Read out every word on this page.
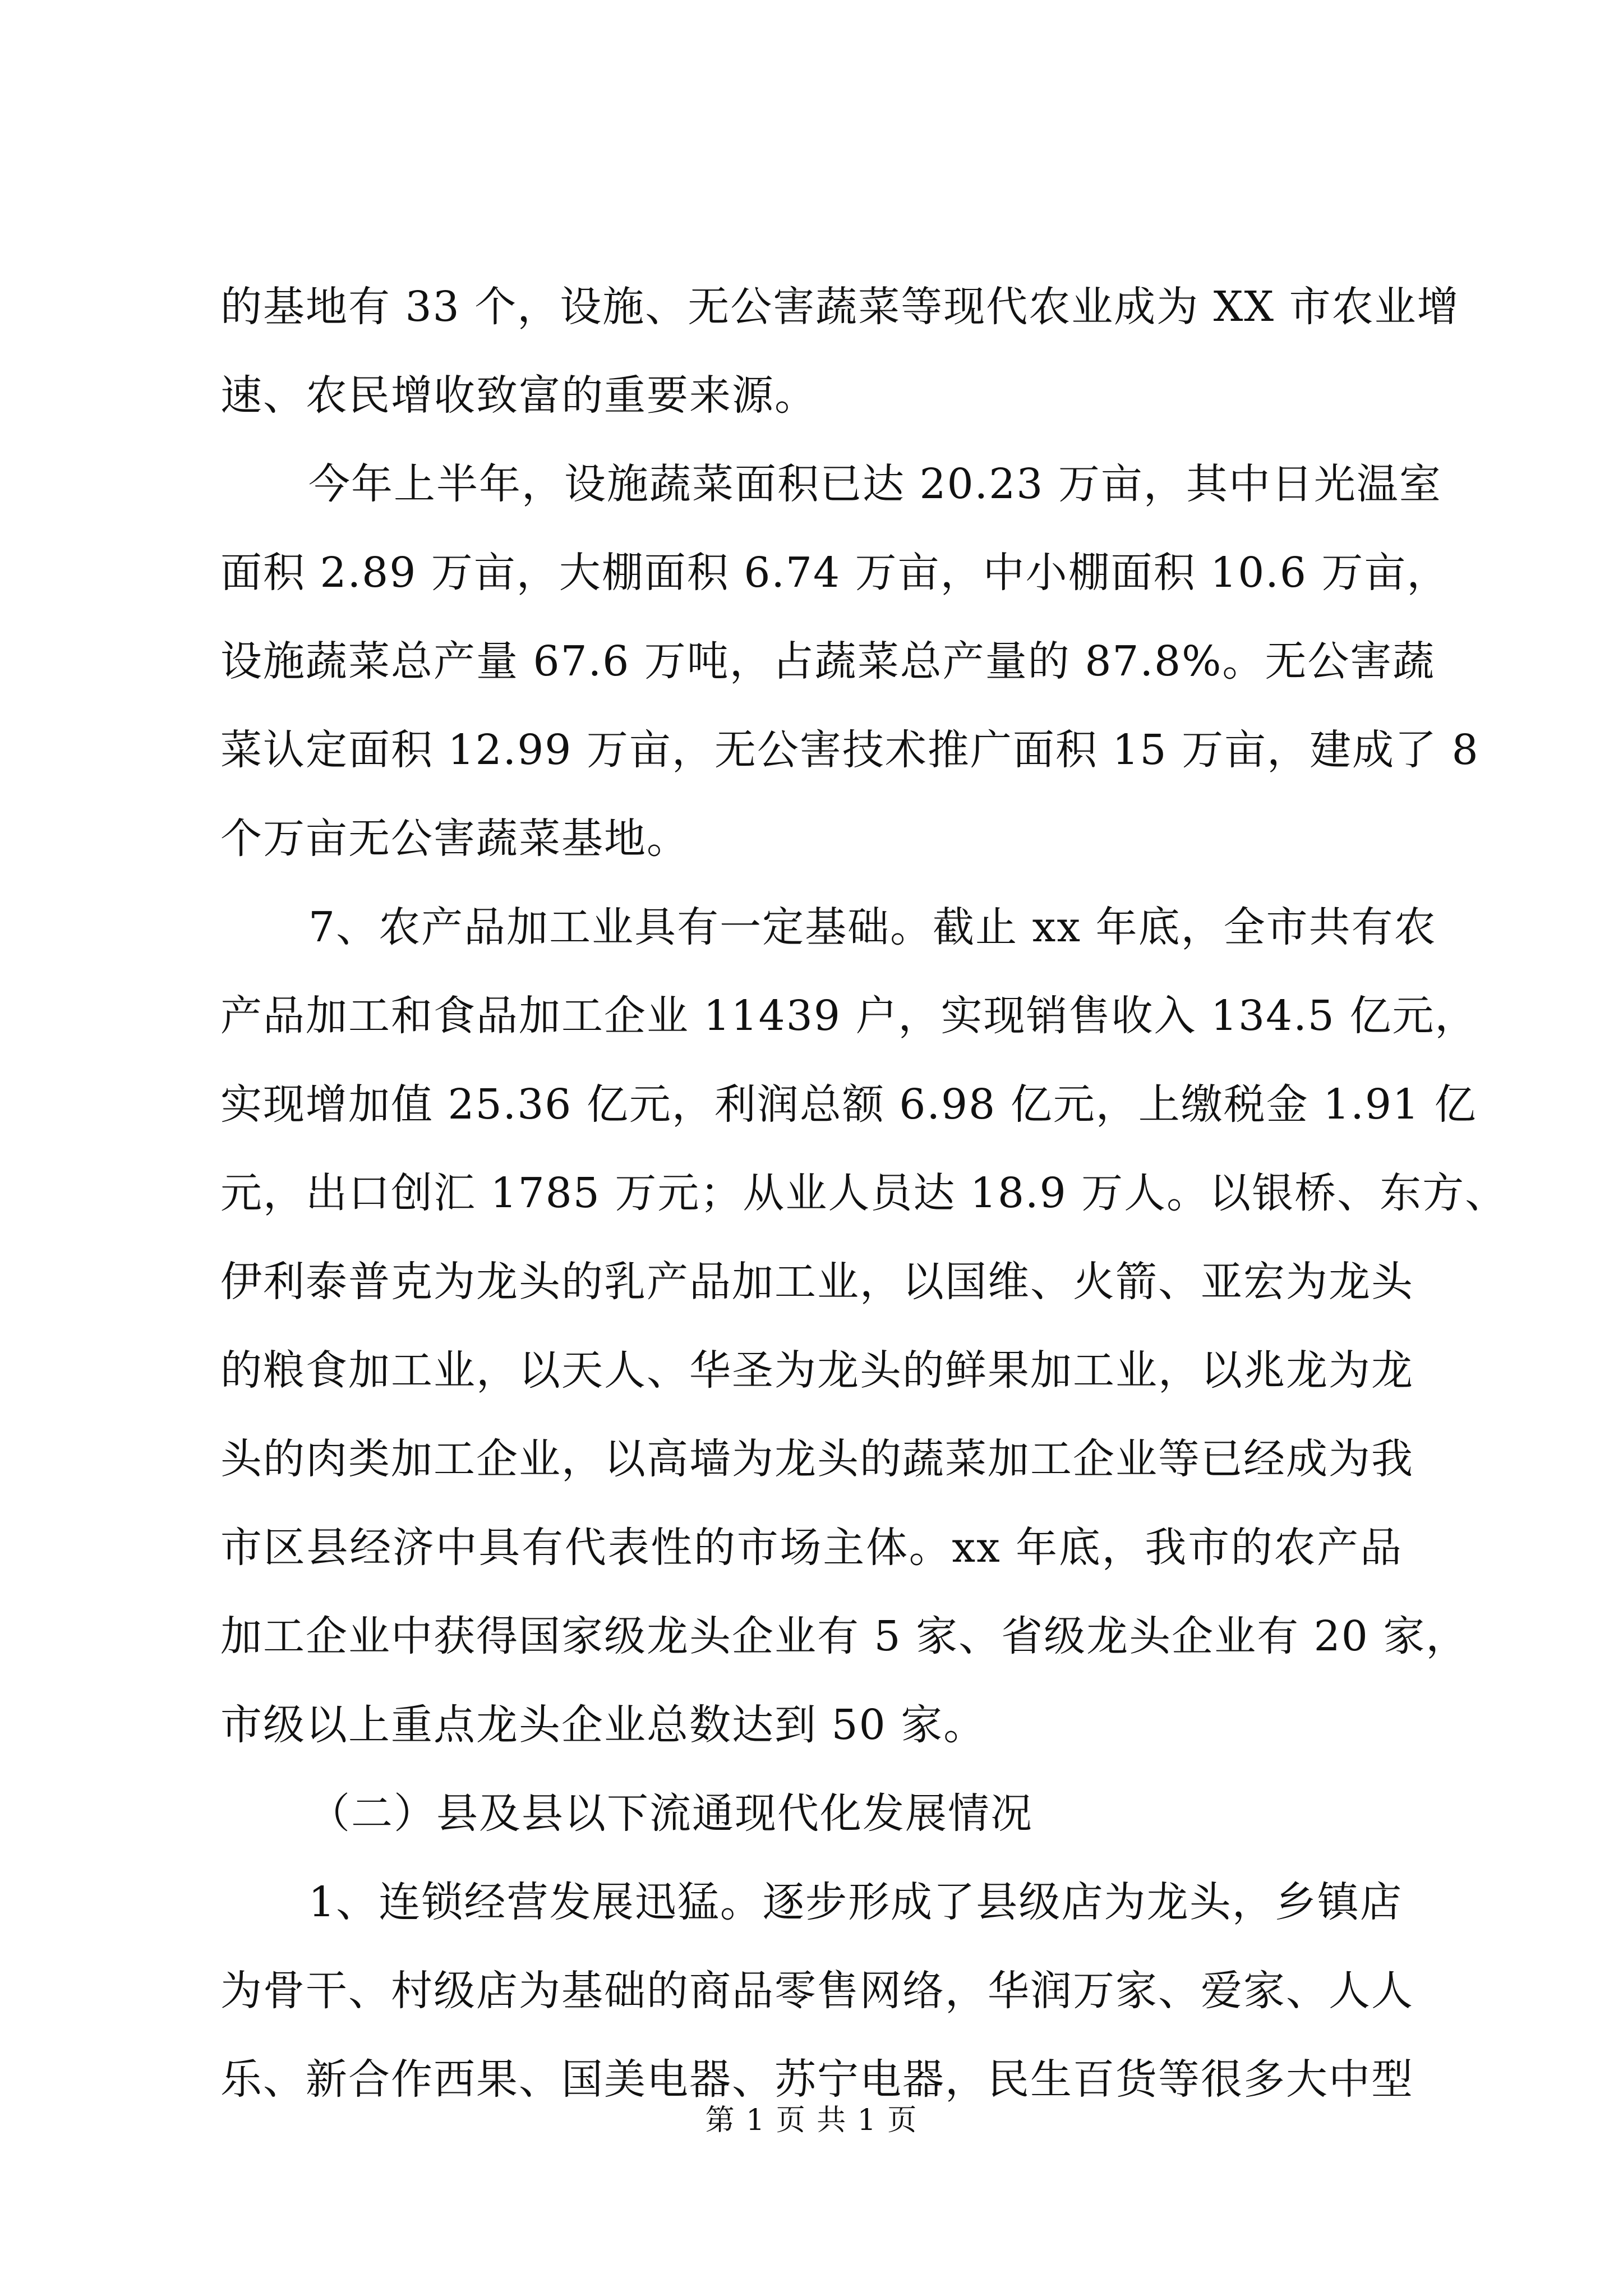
的基地有 33 个，设施、无公害蔬菜等现代农业成为 XX 市农业增
速、农民增收致富的重要来源。
今年上半年，设施蔬菜面积已达 20.23 万亩，其中日光温室
面积 2.89 万亩，大棚面积 6.74 万亩，中小棚面积 10.6 万亩，
设施蔬菜总产量 67.6 万吨，占蔬菜总产量的 87.8%。无公害蔬
菜认定面积 12.99 万亩，无公害技术推广面积 15 万亩，建成了 8
个万亩无公害蔬菜基地。
7、农产品加工业具有一定基础。截止 xx 年底，全市共有农
产品加工和食品加工企业 11439 户，实现销售收入 134.5 亿元，
实现增加值 25.36 亿元，利润总额 6.98 亿元，上缴税金 1.91 亿
元，出口创汇 1785 万元；从业人员达 18.9 万人。以银桥、东方、
伊利泰普克为龙头的乳产品加工业，以国维、火箭、亚宏为龙头
的粮食加工业，以天人、华圣为龙头的鲜果加工业，以兆龙为龙
头的肉类加工企业，以高墙为龙头的蔬菜加工企业等已经成为我
市区县经济中具有代表性的市场主体。xx 年底，我市的农产品
加工企业中获得国家级龙头企业有 5 家、省级龙头企业有 20 家，
市级以上重点龙头企业总数达到 50 家。
（二）县及县以下流通现代化发展情况
1、连锁经营发展迅猛。逐步形成了县级店为龙头，乡镇店
为骨干、村级店为基础的商品零售网络，华润万家、爱家、人人
乐、新合作西果、国美电器、苏宁电器，民生百货等很多大中型
第 1 页 共 1 页
